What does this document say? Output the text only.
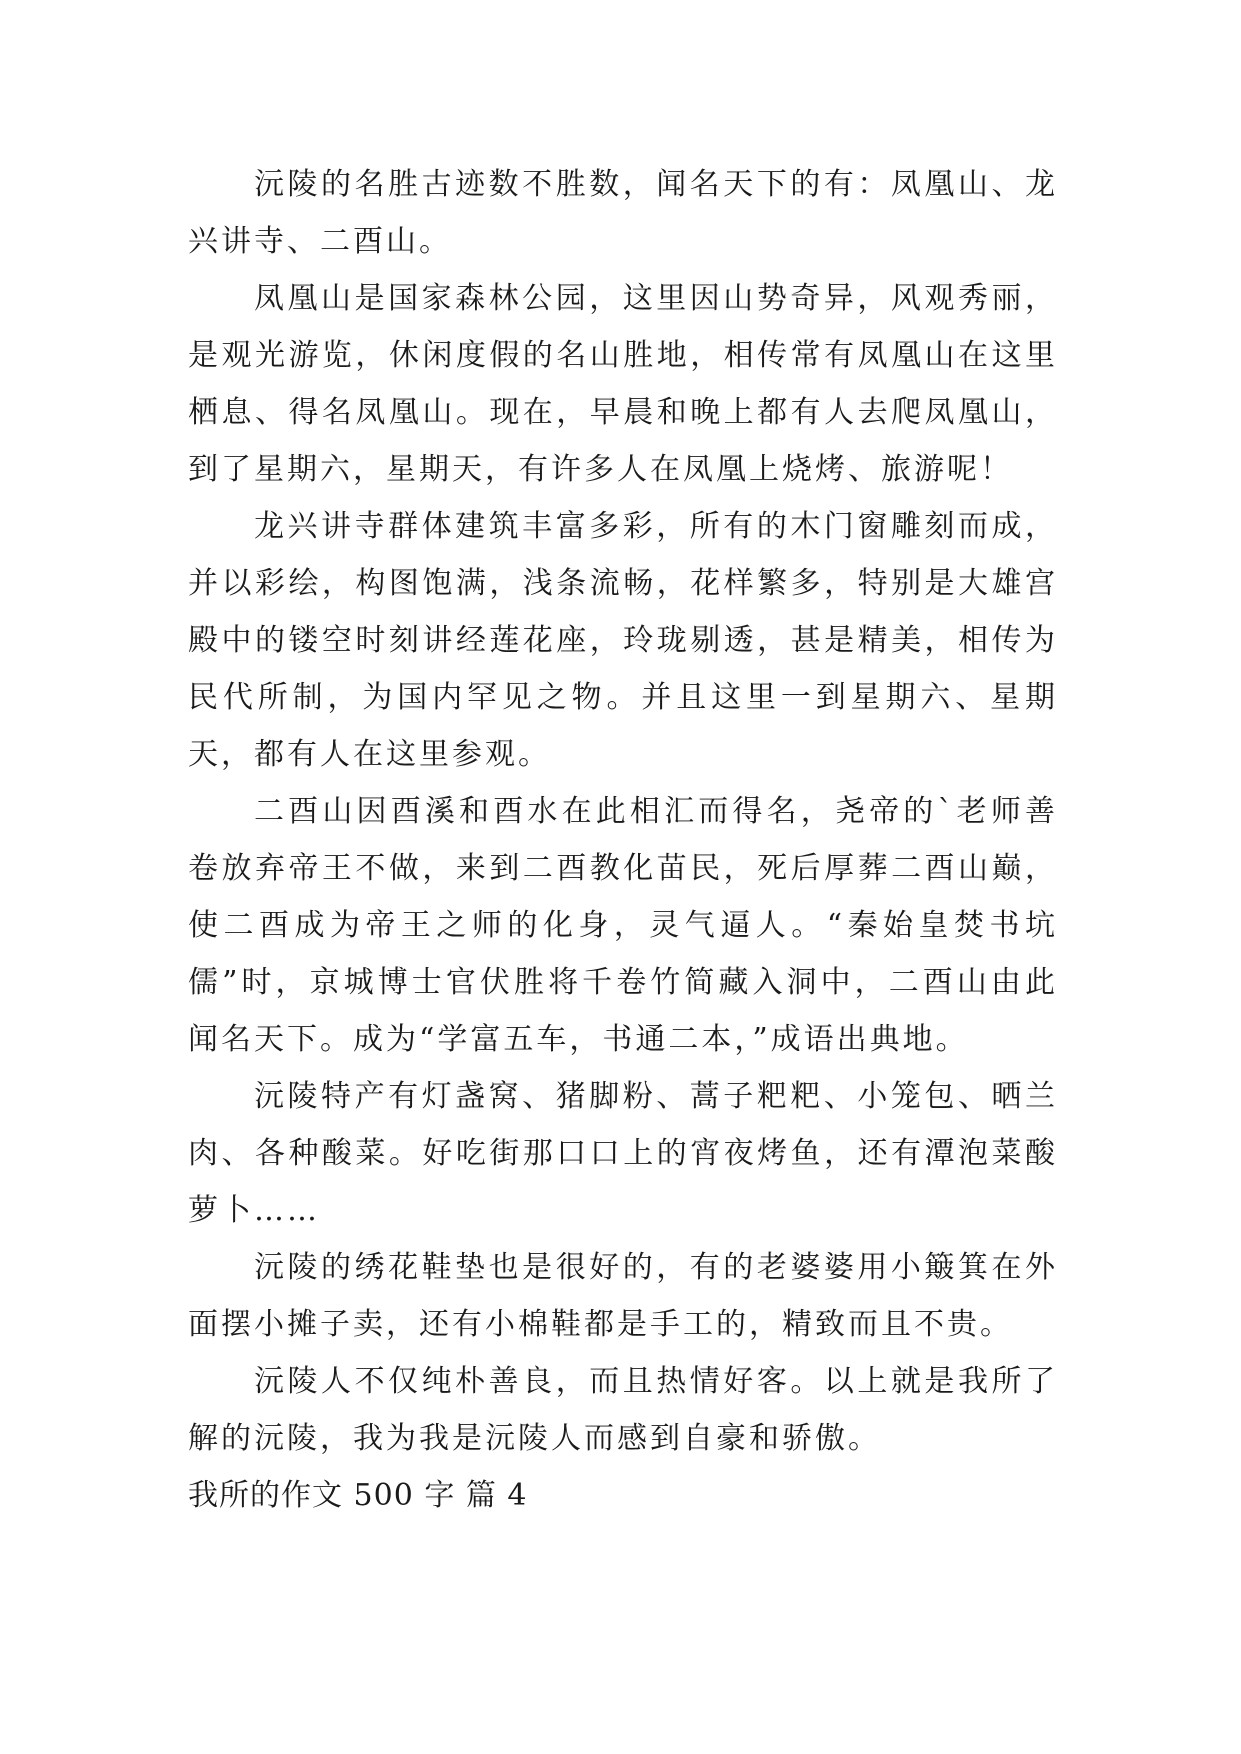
沅陵的名胜古迹数不胜数，闻名天下的有：凤凰山、龙兴讲寺、二酉山。

凤凰山是国家森林公园，这里因山势奇异，风观秀丽，是观光游览，休闲度假的名山胜地，相传常有凤凰山在这里栖息、得名凤凰山。现在，早晨和晚上都有人去爬凤凰山，到了星期六，星期天，有许多人在凤凰上烧烤、旅游呢！

龙兴讲寺群体建筑丰富多彩，所有的木门窗雕刻而成，并以彩绘，构图饱满，浅条流畅，花样繁多，特别是大雄宫殿中的镂空时刻讲经莲花座，玲珑剔透，甚是精美，相传为民代所制，为国内罕见之物。并且这里一到星期六、星期天，都有人在这里参观。

二酉山因酉溪和酉水在此相汇而得名，尧帝的`老师善卷放弃帝王不做，来到二酉教化苗民，死后厚葬二酉山巅，使二酉成为帝王之师的化身，灵气逼人。“秦始皇焚书坑儒”时，京城博士官伏胜将千卷竹简藏入洞中，二酉山由此闻名天下。成为“学富五车，书通二本，”成语出典地。

沅陵特产有灯盏窝、猪脚粉、蒿子粑粑、小笼包、晒兰肉、各种酸菜。好吃街那口口上的宵夜烤鱼，还有潭泡菜酸萝卜……

沅陵的绣花鞋垫也是很好的，有的老婆婆用小簸箕在外面摆小摊子卖，还有小棉鞋都是手工的，精致而且不贵。

沅陵人不仅纯朴善良，而且热情好客。以上就是我所了解的沅陵，我为我是沅陵人而感到自豪和骄傲。

我所的作文 500 字 篇 4
